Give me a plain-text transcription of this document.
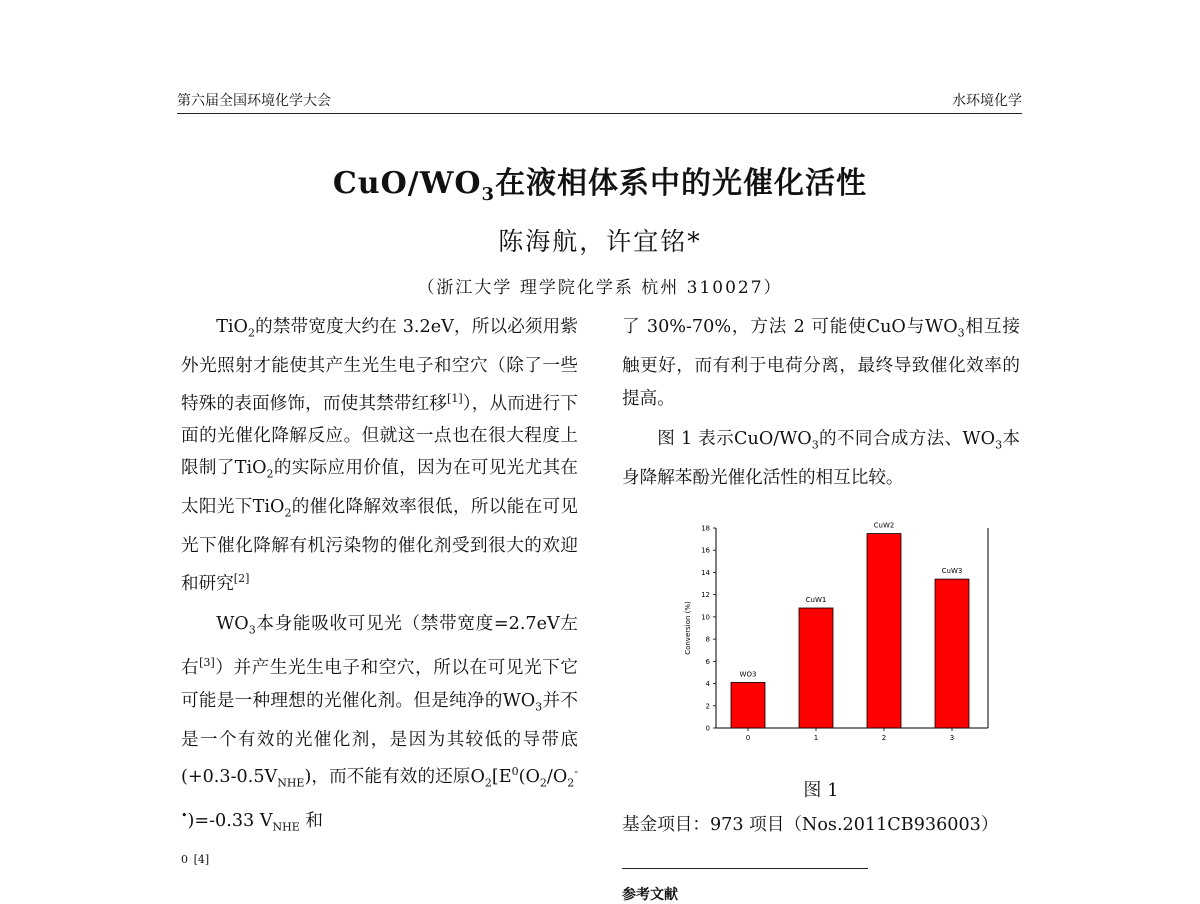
第六届全国环境化学大会	水环境化学
CuO/$WO_3$在液相体系中的光催化活性
陈海航，许宜铭*
（浙江大学 理学院化学系 杭州 310027）

TiO$_2$的禁带宽度大约在 3.2eV，所以必须用紫外光照射才能使其产生光生电子和空穴（除了一些特殊的表面修饰，而使其禁带红移[1]），从而进行下面的光催化降解反应。但就这一点也在很大程度上限制了TiO$_2$的实际应用价值，因为在可见光尤其在太阳光下TiO$_2$的催化降解效率很低，所以能在可见光下催化降解有机污染物的催化剂受到很大的欢迎和研究[2]

$WO_3$本身能吸收可见光（禁带宽度=2.7eV左右[3]）并产生光生电子和空穴，所以在可见光下它可能是一种理想的光催化剂。但是纯净的$WO_3$并不是一个有效的光催化剂，是因为其较低的导带底$(+0.3-0.5V_{NHE})$，而不能有效的还原$O_2[E^0(O_2/O_2^{-•})=-0.33$ $V_{NHE}$ 和
$^0$ [4]

了 30%-70%，方法 2 可能使CuO与$WO_3$相互接触更好，而有利于电荷分离，最终导致催化效率的提高。

图 1 表示CuO/$WO_3$的不同合成方法、$WO_3$本身降解苯酚光催化活性的相互比较。

0
2
4
6
8
10
12
14
16
18
Conversion (%)
WO3
0
CuW1
1
CuW2
2
CuW3
3
图 1
基金项目：973 项目（Nos.2011CB936003）
参考文献
